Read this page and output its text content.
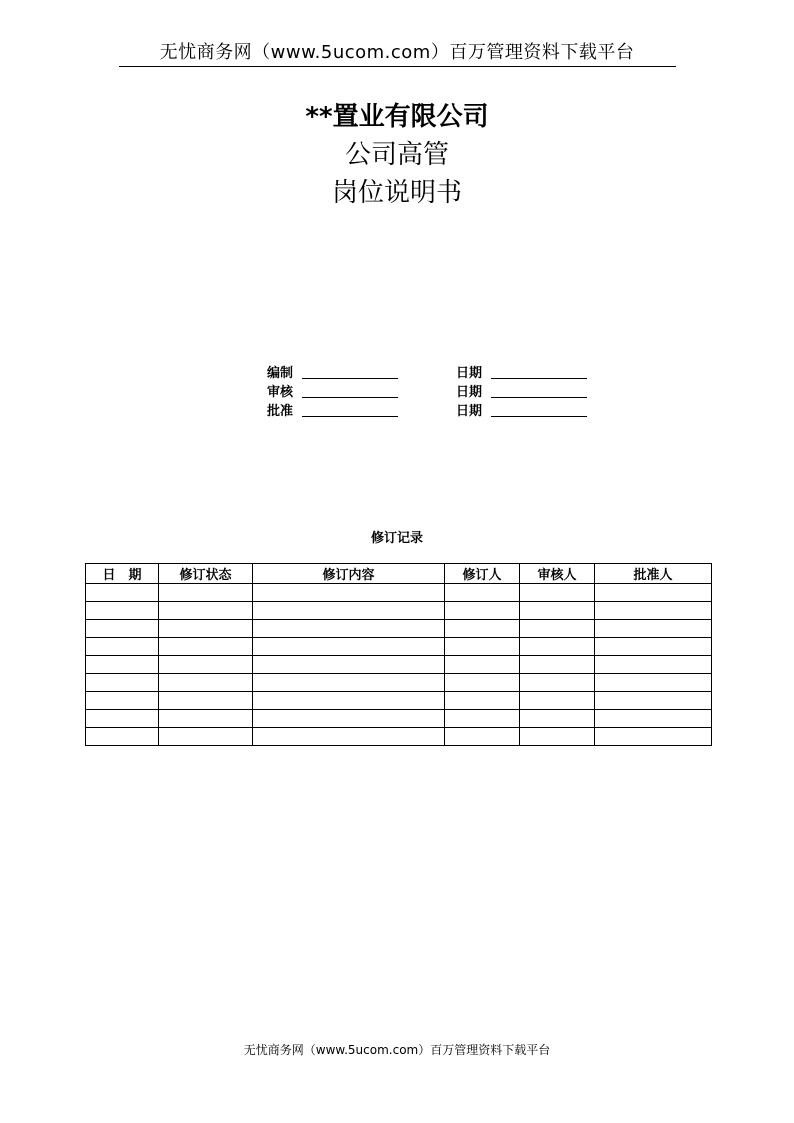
无忧商务网（www.5ucom.com）百万管理资料下载平台
**置业有限公司
公司高管
岗位说明书
编制	日期
审核	日期
批准	日期
修订记录
日　期	修订状态	修订内容	修订人	审核人	批准人

无忧商务网（www.5ucom.com）百万管理资料下载平台
